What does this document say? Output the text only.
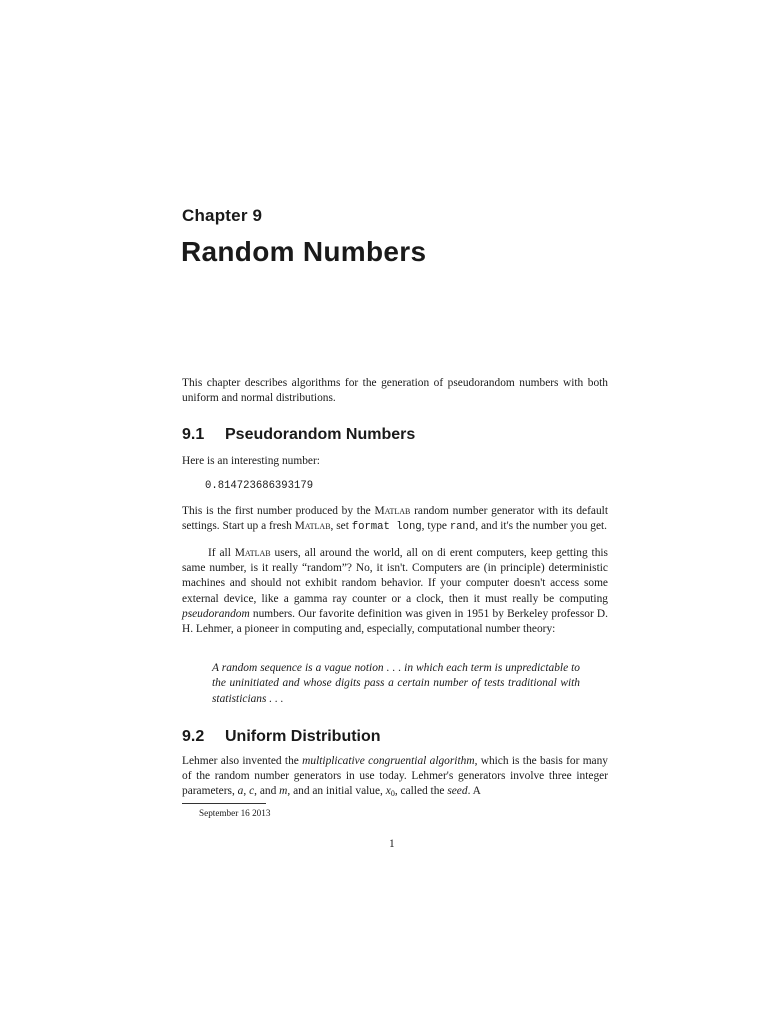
Chapter 9
Random Numbers

This chapter describes algorithms for the generation of pseudorandom numbers with both uniform and normal distributions.

9.1 Pseudorandom Numbers

Here is an interesting number:

0.814723686393179

This is the first number produced by the Matlab random number generator with its default settings. Start up a fresh Matlab, set format long, type rand, and it's the number you get.

If all Matlab users, all around the world, all on di erent computers, keep getting this same number, is it really “random”? No, it isn't. Computers are (in principle) deterministic machines and should not exhibit random behavior. If your computer doesn't access some external device, like a gamma ray counter or a clock, then it must really be computing pseudorandom numbers. Our favorite definition was given in 1951 by Berkeley professor D. H. Lehmer, a pioneer in computing and, especially, computational number theory:

A random sequence is a vague notion . . . in which each term is unpredictable to the uninitiated and whose digits pass a certain number of tests traditional with statisticians . . .

9.2 Uniform Distribution

Lehmer also invented the multiplicative congruential algorithm, which is the basis for many of the random number generators in use today. Lehmer's generators involve three integer parameters, a, c, and m, and an initial value, $x_0$, called the seed. A

September 16 2013
1
